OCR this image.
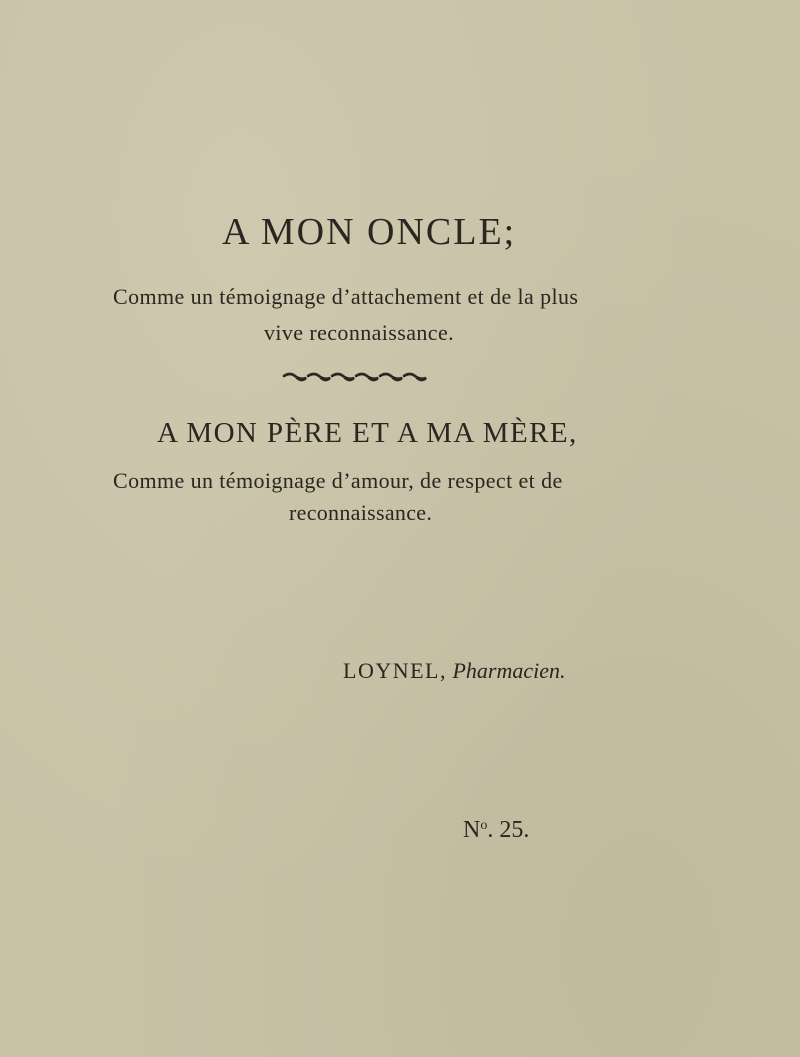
A MON ONCLE;
Comme un témoignage d’attachement et de la plus
vive reconnaissance.
A MON PÈRE ET A MA MÈRE,
Comme un témoignage d’amour, de respect et de
reconnaissance.
LOYNEL, Pharmacien.
$N^o$. 25.
